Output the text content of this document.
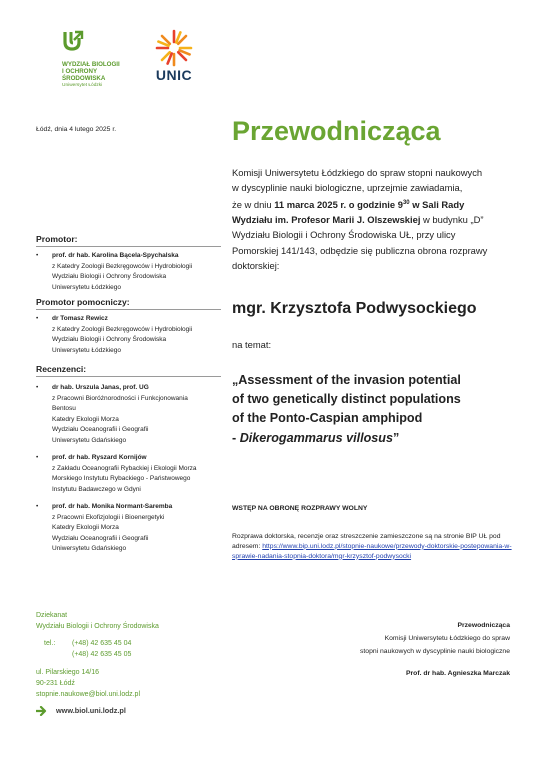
WYDZIAŁ BIOLOGII
I OCHRONY
ŚRODOWISKA
Uniwersytet Łódzki
UNIC
Łódź, dnia 4 lutego 2025 r.	Przewodnicząca

Komisji Uniwersytetu Łódzkiego do spraw stopni naukowych

w dyscyplinie nauki biologiczne, uprzejmie zawiadamia,

że w dniu 11 marca 2025 r. o godzinie $9^{30}$ w Sali Rady

Wydziału im. Profesor Marii J. Olszewskiej w budynku „D”

Wydziału Biologii i Ochrony Środowiska UŁ, przy ulicy

Pomorskiej 141/143, odbędzie się publiczna obrona rozprawy

doktorskiej:

mgr. Krzysztofa Podwysockiego
na temat:
„Assessment of the invasion potential
of two genetically distinct populations
of the Ponto-Caspian amphipod
- Dikerogammarus villosus”
WSTĘP NA OBRONĘ ROZPRAWY WOLNY
Rozprawa doktorska, recenzje oraz streszczenie zamieszczone są na stronie BIP UŁ pod adresem: https://www.bip.uni.lodz.pl/stopnie-naukowe/przewody-doktorskie-postepowania-w-sprawie-nadania-stopnia-doktora/mgr-krzysztof-podwysocki
Promotor:
• prof. dr hab. Karolina Bącela-Spychalska
z Katedry Zoologii Bezkręgowców i Hydrobiologii
Wydziału Biologii i Ochrony Środowiska
Uniwersytetu Łódzkiego
Promotor pomocniczy:
• dr Tomasz Rewicz
z Katedry Zoologii Bezkręgowców i Hydrobiologii
Wydziału Biologii i Ochrony Środowiska
Uniwersytetu Łódzkiego
Recenzenci:
• dr hab. Urszula Janas, prof. UG
z Pracowni Bioróżnorodności i Funkcjonowania
Bentosu
Katedry Ekologii Morza
Wydziału Oceanografii i Geografii
Uniwersytetu Gdańskiego
• prof. dr hab. Ryszard Kornijów
z Zakładu Oceanografii Rybackiej i Ekologii Morza
Morskiego Instytutu Rybackiego - Państwowego
Instytutu Badawczego w Gdyni
• prof. dr hab. Monika Normant-Saremba
z Pracowni Ekofizjologii i Bioenergetyki
Katedry Ekologii Morza
Wydziału Oceanografii i Geografii
Uniwersytetu Gdańskiego
Dziekanat
Wydziału Biologii i Ochrony Środowiska
tel.: (+48) 42 635 45 04
(+48) 42 635 45 05
ul. Pilarskiego 14/16
90-231 Łódź
stopnie.naukowe@biol.uni.lodz.pl
www.biol.uni.lodz.pl
Przewodnicząca
Komisji Uniwersytetu Łódzkiego do spraw
stopni naukowych w dyscyplinie nauki biologiczne
Prof. dr hab. Agnieszka Marczak
